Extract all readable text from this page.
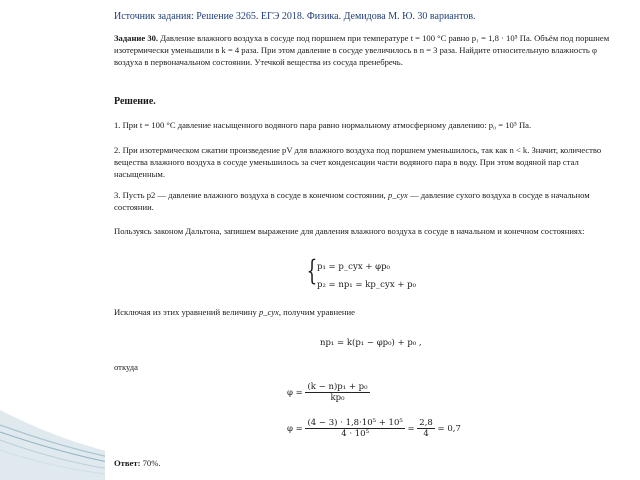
Источник задания: Решение 3265. ЕГЭ 2018. Физика. Демидова М. Ю. 30 вариантов.
Задание 30. Давление влажного воздуха в сосуде под поршнем при температуре t = 100 °C равно p₁ = 1,8 · 10⁵ Па. Объём под поршнем изотермически уменьшили в k = 4 раза. При этом давление в сосуде увеличилось в n = 3 раза. Найдите относительную влажность φ воздуха в первоначальном состоянии. Утечкой вещества из сосуда пренебречь.
Решение.
1. При t = 100 °C давление насыщенного водяного пара равно нормальному атмосферному давлению: p₀ = 10⁵ Па.
2. При изотермическом сжатии произведение pV для влажного воздуха под поршнем уменьшилось, так как n < k. Значит, количество вещества влажного воздуха в сосуде уменьшилось за счет конденсации части водяного пара в воду. При этом водяной пар стал насыщенным.
3. Пусть p2 — давление влажного воздуха в сосуде в конечном состоянии, p_сух — давление сухого воздуха в сосуде в начальном состоянии.
Пользуясь законом Дальтона, запишем выражение для давления влажного воздуха в сосуде в начальном и конечном состояниях:
{ p₁ = p_сух + φp₀
p₂ = np₁ = kp_сух + p₀
Исключая из этих уравнений величину p_сух, получим уравнение
np₁ = k(p₁ − φp₀) + p₀ ,
откуда
$\varphi = \frac{\text{(k − n)p₁ + p₀}}{\text{kp₀}}$
$\varphi = \frac{\text{(4 − 3) · 1,8·10⁵ + 10⁵}}{\text{4 · 10⁵}} = \frac{2,8}{4} = 0,7$
Ответ: 70%.
